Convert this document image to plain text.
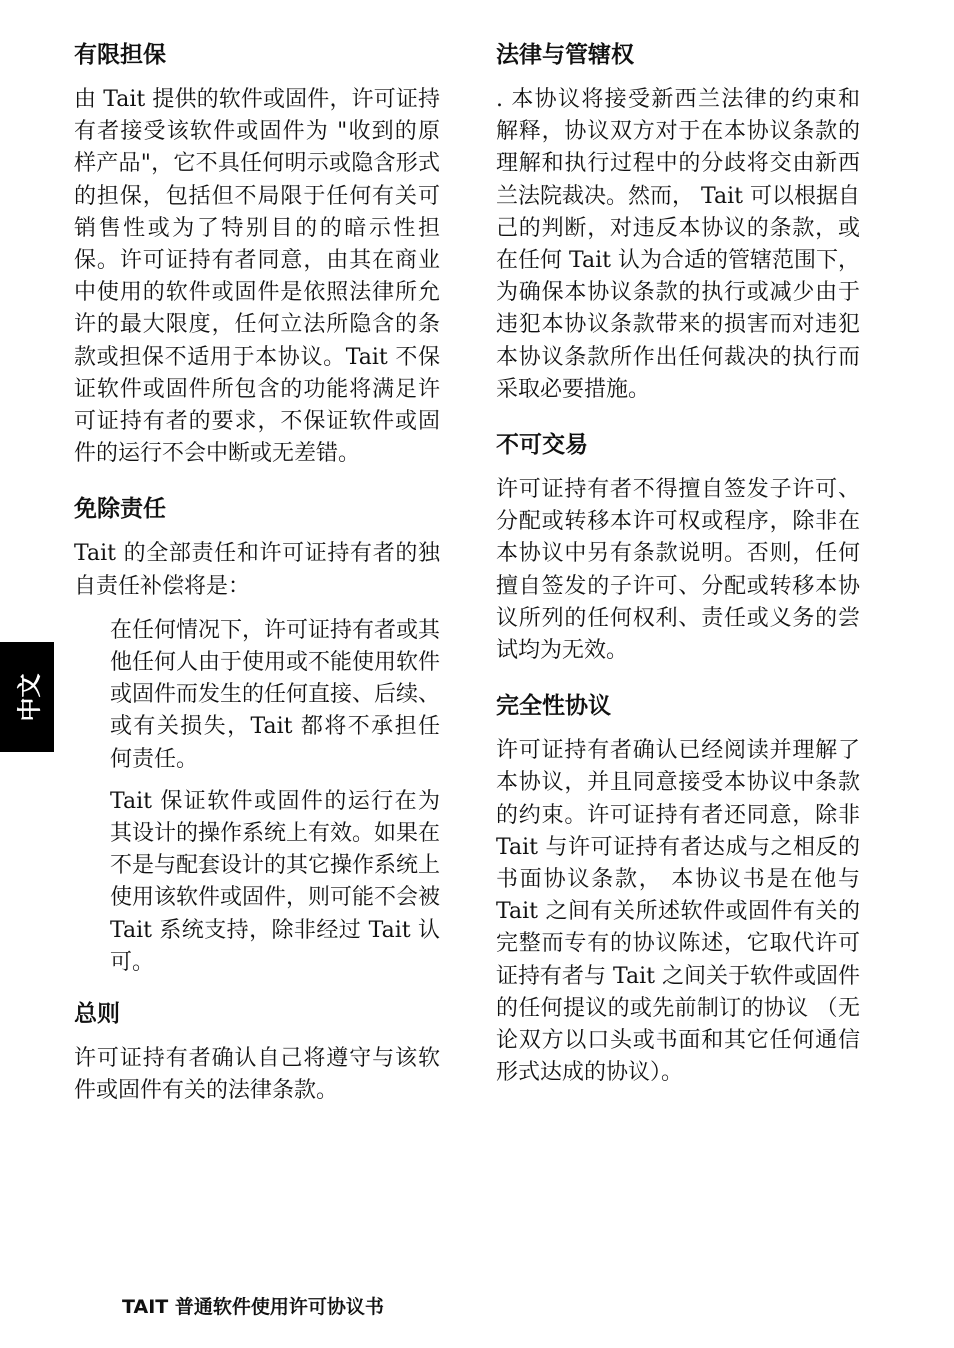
中文
有限担保

由 Tait 提供的软件或固件，许可证持有者接受该软件或固件为 "收到的原样产品"，它不具任何明示或隐含形式的担保，包括但不局限于任何有关可销售性或为了特别目的的暗示性担保。许可证持有者同意，由其在商业中使用的软件或固件是依照法律所允许的最大限度，任何立法所隐含的条款或担保不适用于本协议。Tait 不保证软件或固件所包含的功能将满足许可证持有者的要求，不保证软件或固件的运行不会中断或无差错。

免除责任

Tait 的全部责任和许可证持有者的独自责任补偿将是：

在任何情况下，许可证持有者或其他任何人由于使用或不能使用软件或固件而发生的任何直接、后续、或有关损失，Tait 都将不承担任何责任。

Tait 保证软件或固件的运行在为其设计的操作系统上有效。如果在不是与配套设计的其它操作系统上使用该软件或固件，则可能不会被 Tait 系统支持，除非经过 Tait 认可。

总则

许可证持有者确认自己将遵守与该软件或固件有关的法律条款。

法律与管辖权

. 本协议将接受新西兰法律的约束和解释，协议双方对于在本协议条款的理解和执行过程中的分歧将交由新西兰法院裁决。然而， Tait 可以根据自己的判断，对违反本协议的条款，或在任何 Tait 认为合适的管辖范围下，为确保本协议条款的执行或减少由于违犯本协议条款带来的损害而对违犯本协议条款所作出任何裁决的执行而采取必要措施。

不可交易

许可证持有者不得擅自签发子许可、分配或转移本许可权或程序，除非在本协议中另有条款说明。否则，任何擅自签发的子许可、分配或转移本协议所列的任何权利、责任或义务的尝试均为无效。

完全性协议

许可证持有者确认已经阅读并理解了本协议，并且同意接受本协议中条款的约束。许可证持有者还同意，除非 Tait 与许可证持有者达成与之相反的书面协议条款， 本协议书是在他与 Tait 之间有关所述软件或固件有关的完整而专有的协议陈述，它取代许可证持有者与 Tait 之间关于软件或固件的任何提议的或先前制订的协议 （无论双方以口头或书面和其它任何通信形式达成的协议）。

TAIT 普通软件使用许可协议书
